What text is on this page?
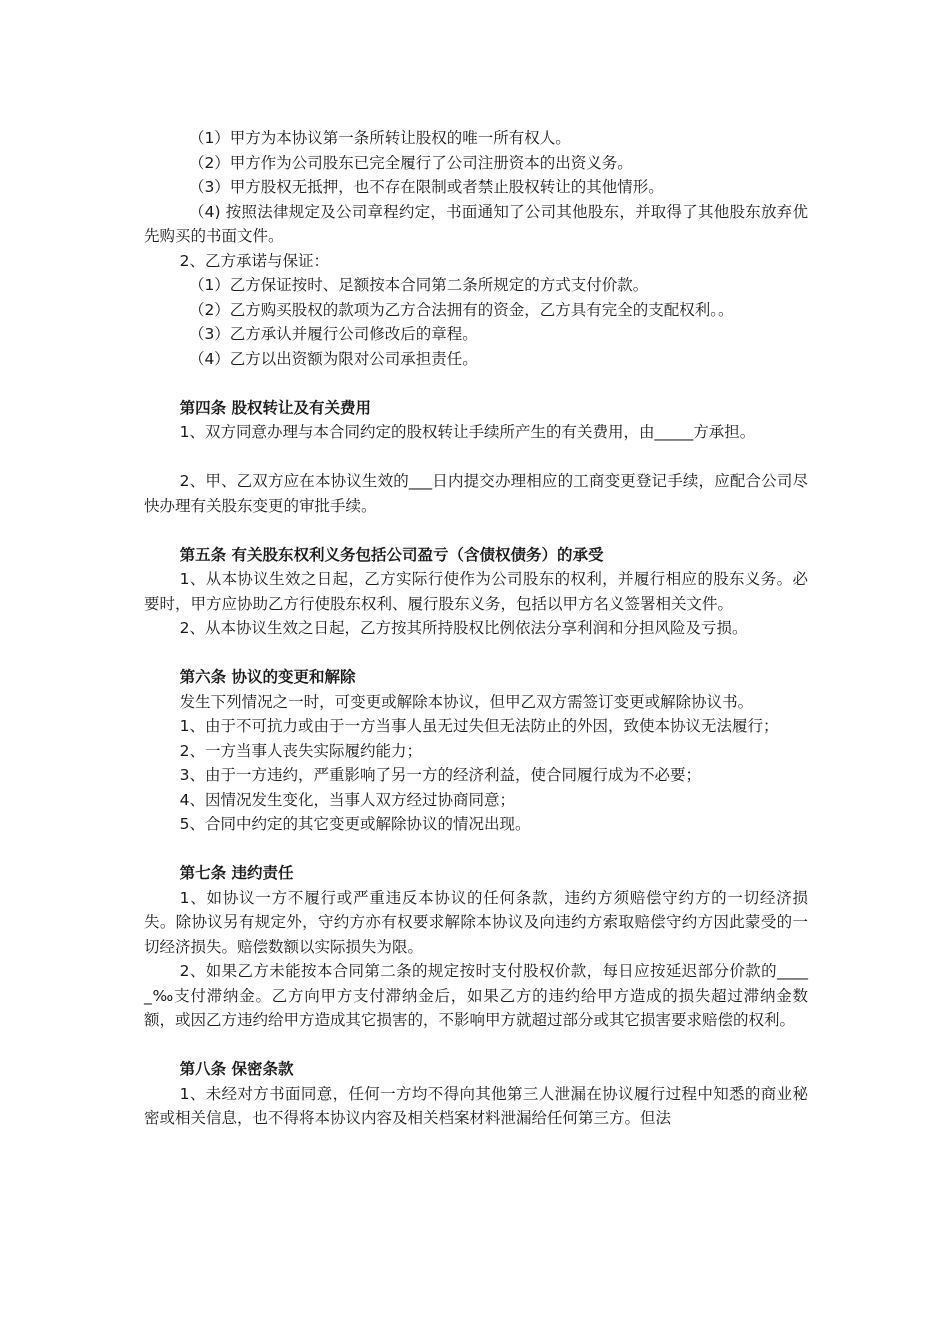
（1）甲方为本协议第一条所转让股权的唯一所有权人。

（2）甲方作为公司股东已完全履行了公司注册资本的出资义务。

（3）甲方股权无抵押，也不存在限制或者禁止股权转让的其他情形。

（4) 按照法律规定及公司章程约定，书面通知了公司其他股东，并取得了其他股东放弃优先购买的书面文件。

2、乙方承诺与保证：

（1）乙方保证按时、足额按本合同第二条所规定的方式支付价款。

（2）乙方购买股权的款项为乙方合法拥有的资金，乙方具有完全的支配权利。。

（3）乙方承认并履行公司修改后的章程。

（4）乙方以出资额为限对公司承担责任。

第四条 股权转让及有关费用

1、双方同意办理与本合同约定的股权转让手续所产生的有关费用，由_____方承担。

2、甲、乙双方应在本协议生效的___日内提交办理相应的工商变更登记手续，应配合公司尽快办理有关股东变更的审批手续。

第五条 有关股东权利义务包括公司盈亏（含债权债务）的承受

1、从本协议生效之日起，乙方实际行使作为公司股东的权利，并履行相应的股东义务。必要时，甲方应协助乙方行使股东权利、履行股东义务，包括以甲方名义签署相关文件。

2、从本协议生效之日起，乙方按其所持股权比例依法分享利润和分担风险及亏损。

第六条 协议的变更和解除

发生下列情况之一时，可变更或解除本协议，但甲乙双方需签订变更或解除协议书。

1、由于不可抗力或由于一方当事人虽无过失但无法防止的外因，致使本协议无法履行；

2、一方当事人丧失实际履约能力；

3、由于一方违约，严重影响了另一方的经济利益，使合同履行成为不必要；

4、因情况发生变化，当事人双方经过协商同意；

5、合同中约定的其它变更或解除协议的情况出现。

第七条 违约责任

1、如协议一方不履行或严重违反本协议的任何条款，违约方须赔偿守约方的一切经济损失。除协议另有规定外，守约方亦有权要求解除本协议及向违约方索取赔偿守约方因此蒙受的一切经济损失。赔偿数额以实际损失为限。

2、如果乙方未能按本合同第二条的规定按时支付股权价款，每日应按延迟部分价款的_____‰支付滞纳金。乙方向甲方支付滞纳金后，如果乙方的违约给甲方造成的损失超过滞纳金数额，或因乙方违约给甲方造成其它损害的，不影响甲方就超过部分或其它损害要求赔偿的权利。

第八条 保密条款

1、未经对方书面同意，任何一方均不得向其他第三人泄漏在协议履行过程中知悉的商业秘密或相关信息，也不得将本协议内容及相关档案材料泄漏给任何第三方。但法
